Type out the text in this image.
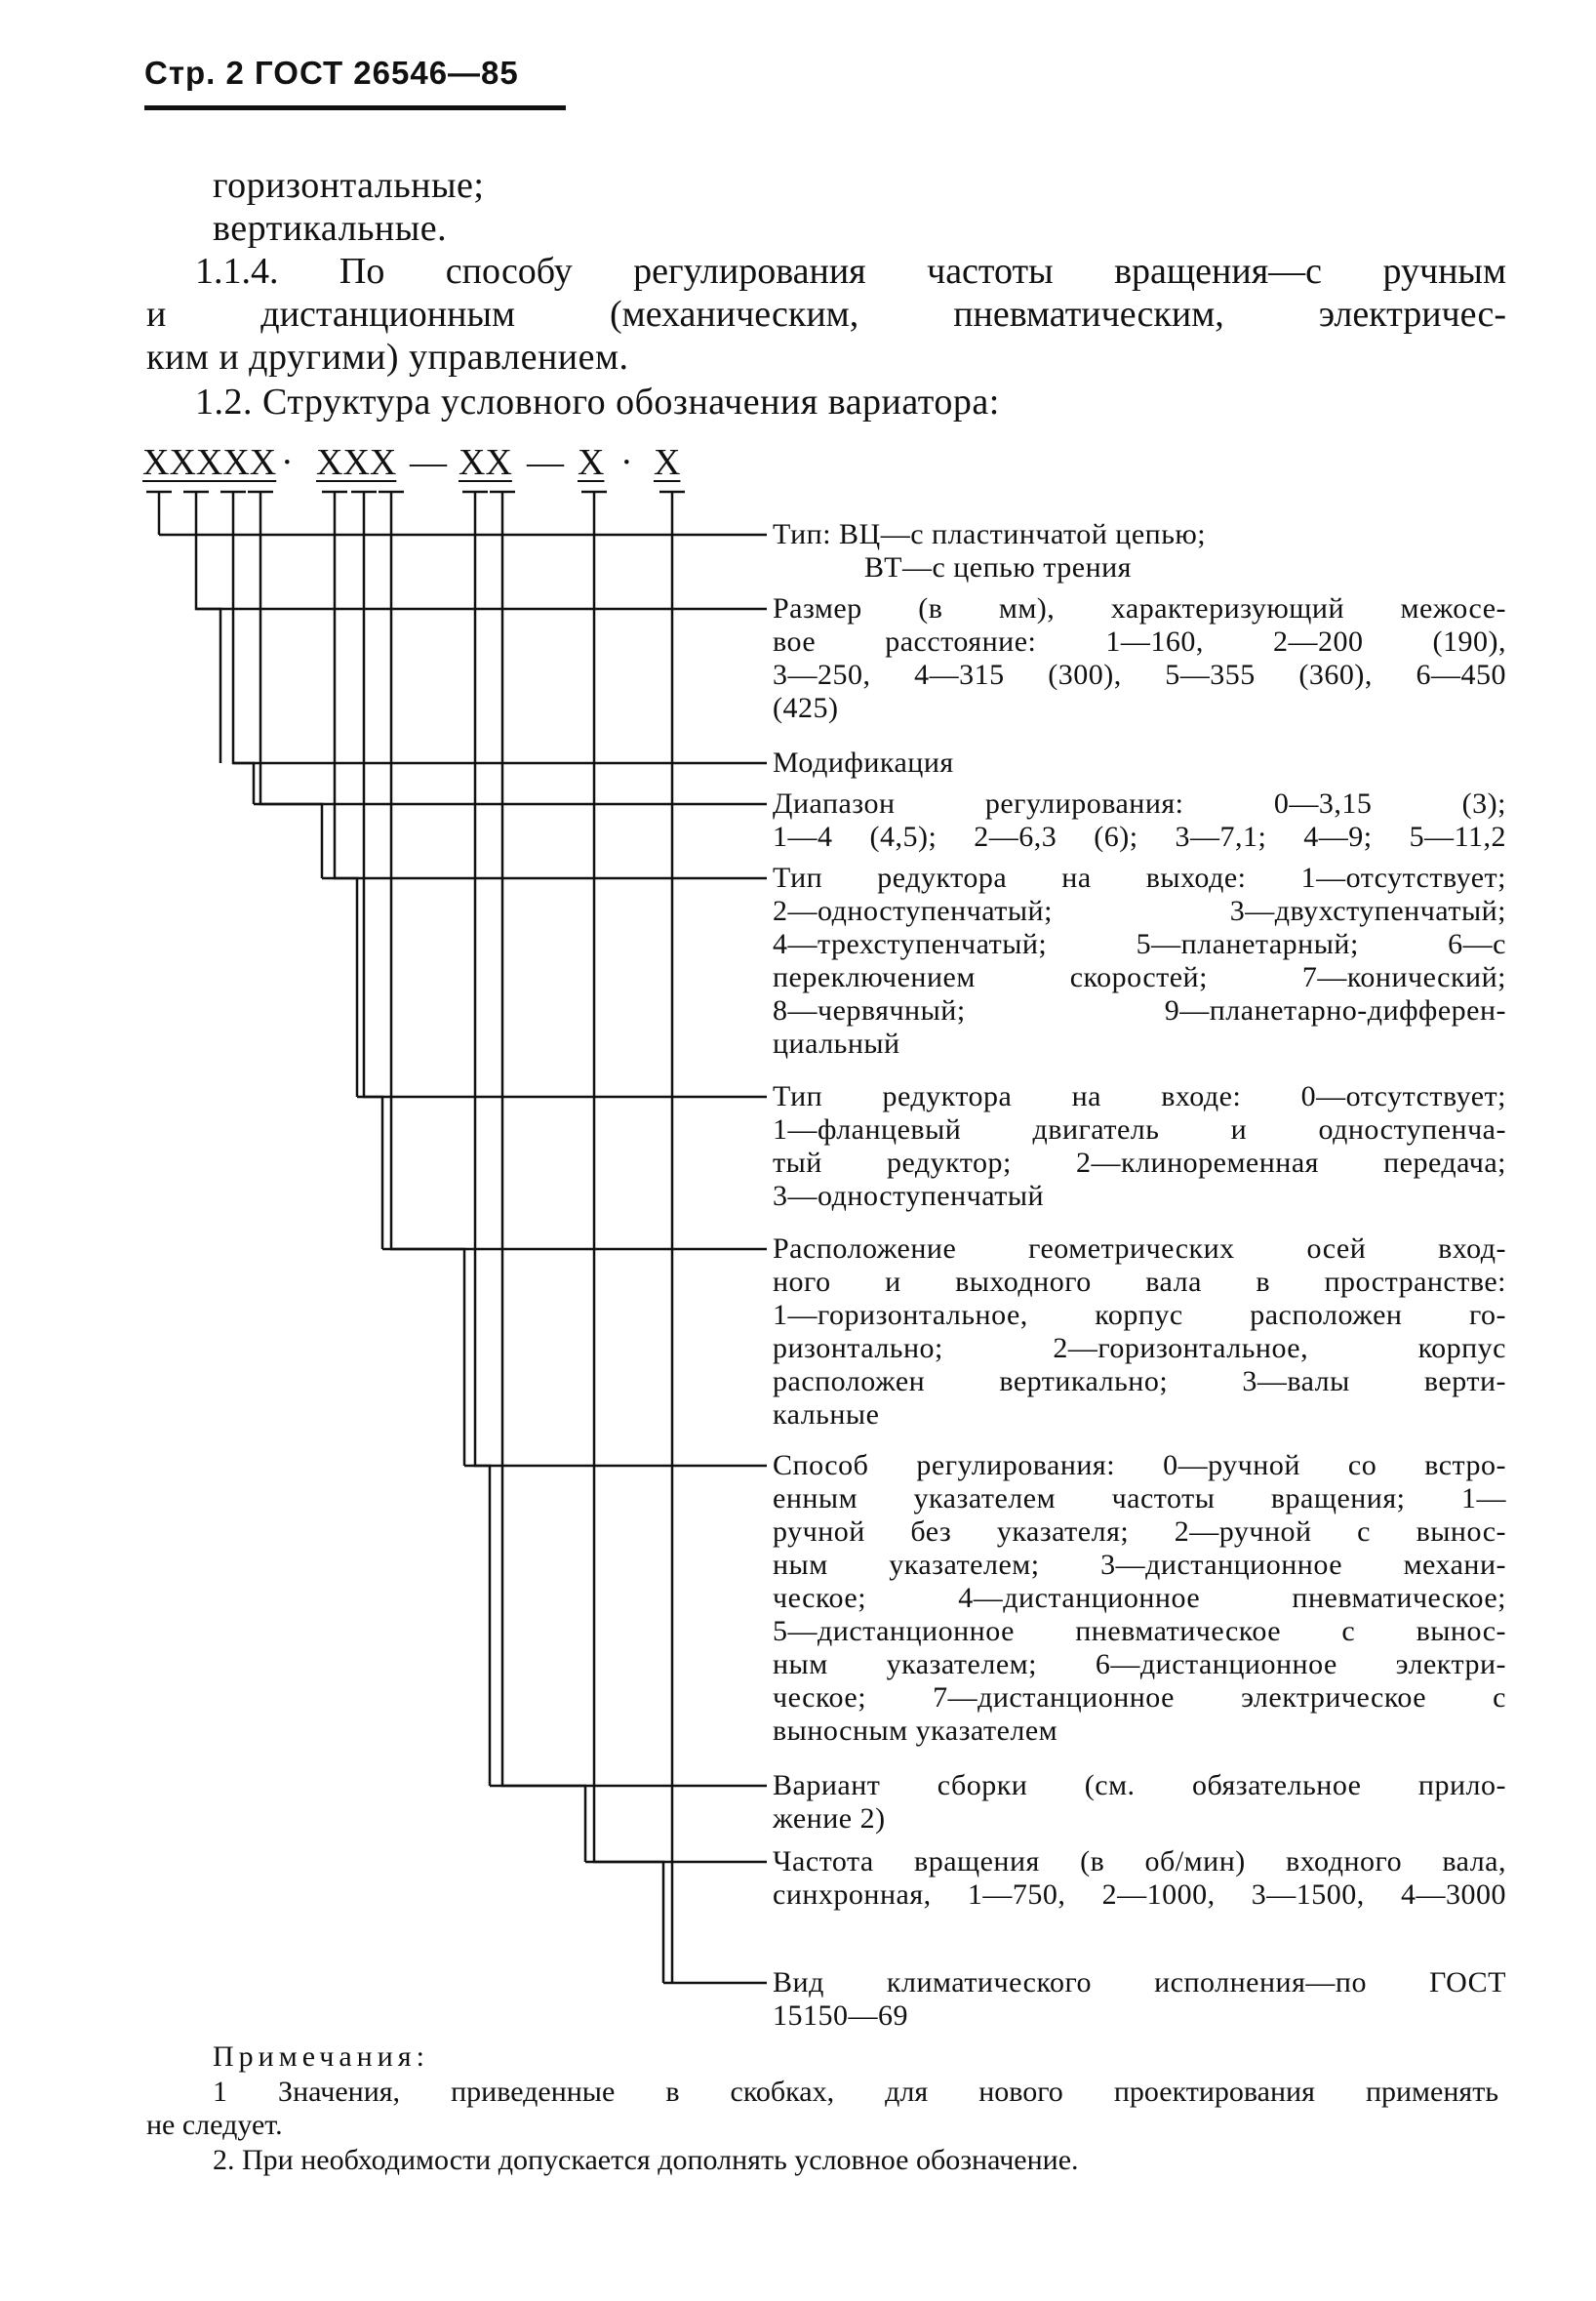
Стр. 2 ГОСТ 26546—85
горизонтальные;
вертикальные.
1.1.4. По способу регулирования частоты вращения—с ручным
и дистанционным (механическим, пневматическим, электричес-
ким и другими) управлением.
1.2. Структура условного обозначения вариатора:
XXXXX · XXX — XX — X · X
Тип: ВЦ—с пластинчатой цепью;
ВТ—с цепью трения
Размер (в мм), характеризующий межосе-
вое расстояние: 1—160, 2—200 (190),
3—250, 4—315 (300), 5—355 (360), 6—450
(425)
Модификация
Диапазон регулирования: 0—3,15 (3);
1—4 (4,5); 2—6,3 (6); 3—7,1; 4—9; 5—11,2
Тип редуктора на выходе: 1—отсутствует;
2—одноступенчатый; 3—двухступенчатый;
4—трехступенчатый; 5—планетарный; 6—с
переключением скоростей; 7—конический;
8—червячный; 9—планетарно-дифферен-
циальный
Тип редуктора на входе: 0—отсутствует;
1—фланцевый двигатель и одноступенча-
тый редуктор; 2—клиноременная передача;
3—одноступенчатый
Расположение геометрических осей вход-
ного и выходного вала в пространстве:
1—горизонтальное, корпус расположен го-
ризонтально; 2—горизонтальное, корпус
расположен вертикально; 3—валы верти-
кальные
Способ регулирования: 0—ручной со встро-
енным указателем частоты вращения; 1—
ручной без указателя; 2—ручной с вынос-
ным указателем; 3—дистанционное механи-
ческое; 4—дистанционное пневматическое;
5—дистанционное пневматическое с вынос-
ным указателем; 6—дистанционное электри-
ческое; 7—дистанционное электрическое с
выносным указателем
Вариант сборки (см. обязательное прило-
жение 2)
Частота вращения (в об/мин) входного вала,
синхронная, 1—750, 2—1000, 3—1500, 4—3000
Вид климатического исполнения—по ГОСТ
15150—69
Примечания:
1 Значения, приведенные в скобках, для нового проектирования применять
не следует.
2. При необходимости допускается дополнять условное обозначение.
